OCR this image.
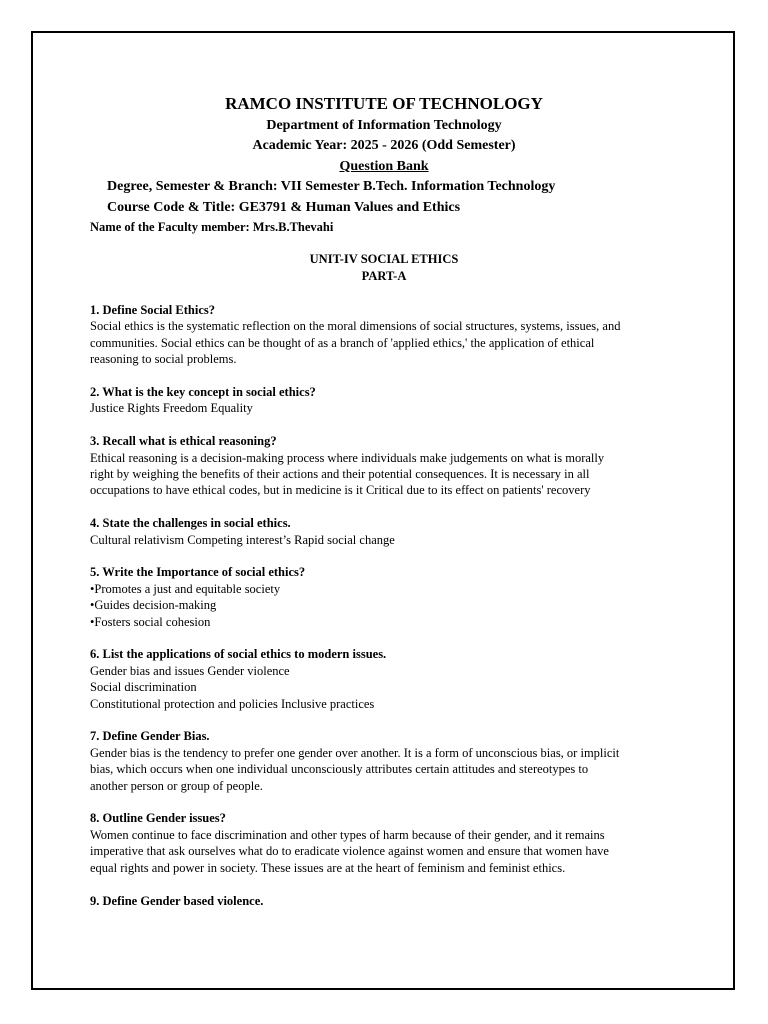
RAMCO INSTITUTE OF TECHNOLOGY
Department of Information Technology
Academic Year: 2025 - 2026 (Odd Semester)
Question Bank
Degree, Semester & Branch: VII Semester B.Tech. Information Technology
Course Code & Title: GE3791 & Human Values and Ethics
Name of the Faculty member: Mrs.B.Thevahi
UNIT-IV SOCIAL ETHICS
PART-A
1. Define Social Ethics?
Social ethics is the systematic reflection on the moral dimensions of social structures, systems, issues, and
communities. Social ethics can be thought of as a branch of 'applied ethics,' the application of ethical
reasoning to social problems.
2. What is the key concept in social ethics?
Justice Rights Freedom Equality
3. Recall what is ethical reasoning?
Ethical reasoning is a decision-making process where individuals make judgements on what is morally
right by weighing the benefits of their actions and their potential consequences. It is necessary in all
occupations to have ethical codes, but in medicine is it Critical due to its effect on patients' recovery
4. State the challenges in social ethics.
Cultural relativism Competing interest’s Rapid social change
5. Write the Importance of social ethics?
•Promotes a just and equitable society
•Guides decision-making
•Fosters social cohesion
6. List the applications of social ethics to modern issues.
Gender bias and issues Gender violence
Social discrimination
Constitutional protection and policies Inclusive practices
7. Define Gender Bias.
Gender bias is the tendency to prefer one gender over another. It is a form of unconscious bias, or implicit
bias, which occurs when one individual unconsciously attributes certain attitudes and stereotypes to
another person or group of people.
8. Outline Gender issues?
Women continue to face discrimination and other types of harm because of their gender, and it remains
imperative that ask ourselves what do to eradicate violence against women and ensure that women have
equal rights and power in society. These issues are at the heart of feminism and feminist ethics.
9. Define Gender based violence.
